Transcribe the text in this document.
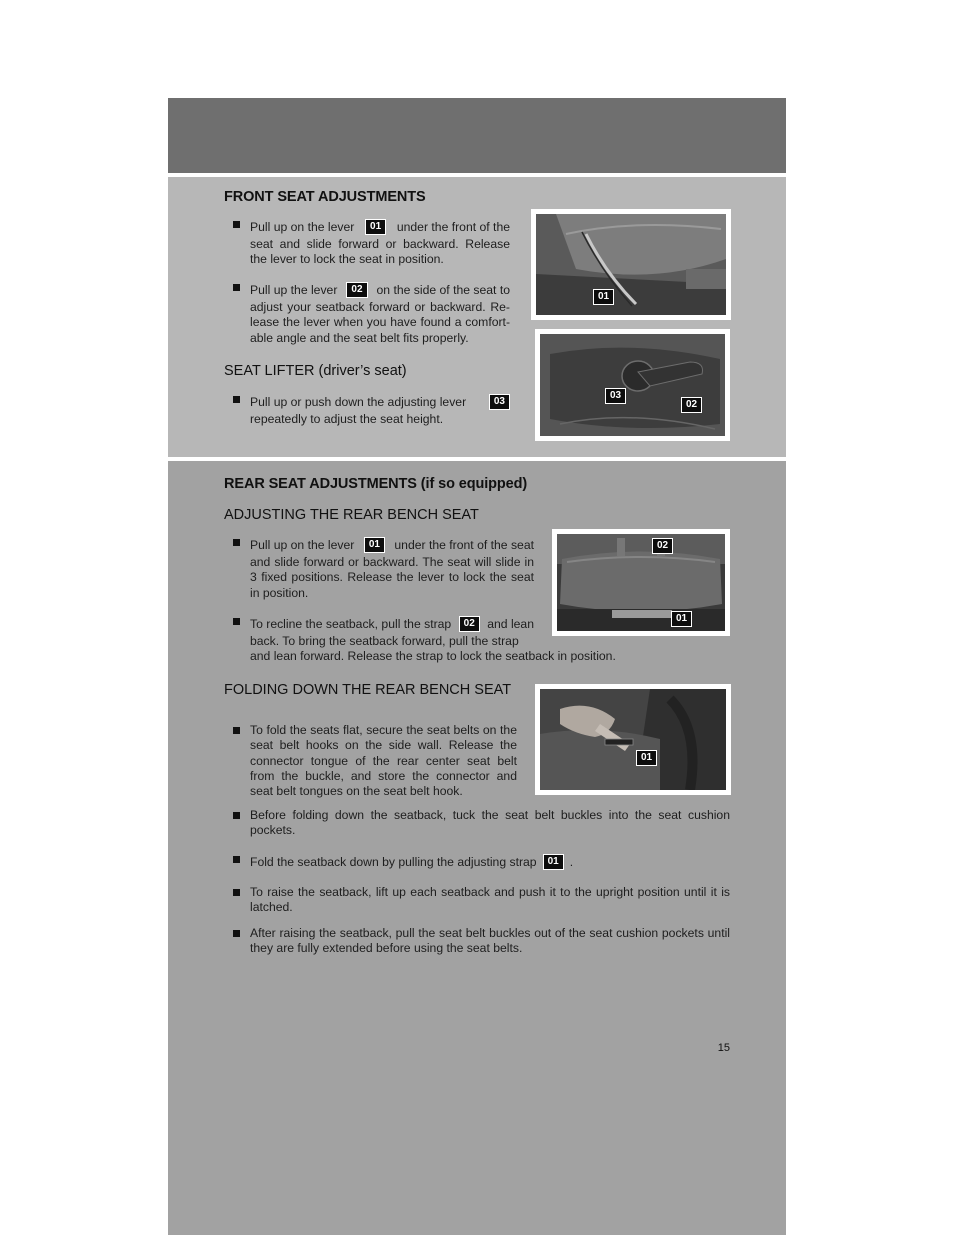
FRONT SEAT ADJUSTMENTS
Pull up on the lever	01	under the front of the

seat and slide forward or backward. Release the lever to lock the seat in position.

Pull up the lever	02	on the side of the seat to

adjust your seatback forward or backward. Re-lease the lever when you have found a comfort-able angle and the seat belt fits properly.

SEAT LIFTER (driver’s seat)
Pull up or push down the adjusting lever	03

repeatedly to adjust the seat height.

01
03
02
REAR SEAT ADJUSTMENTS (if so equipped)
ADJUSTING THE REAR BENCH SEAT
Pull up on the lever	01	under the front of the seat

and slide forward or backward. The seat will slide in 3 fixed positions. Release the lever to lock the seat in position.

To recline the seatback, pull the strap	02	and lean

back. To bring the seatback forward, pull the strap

and lean forward. Release the strap to lock the seatback in position.

02
01
FOLDING DOWN THE REAR BENCH SEAT

To fold the seats flat, secure the seat belts on the seat belt hooks on the side wall. Release the connector tongue of the rear center seat belt from the buckle, and store the connector and seat belt tongues on the seat belt hook.

01

Before folding down the seatback, tuck the seat belt buckles into the seat cushion pockets.

Fold the seatback down by pulling the adjusting strap	01 .

To raise the seatback, lift up each seatback and push it to the upright position until it is latched.

After raising the seatback, pull the seat belt buckles out of the seat cushion pockets until they are fully extended before using the seat belts.

15
